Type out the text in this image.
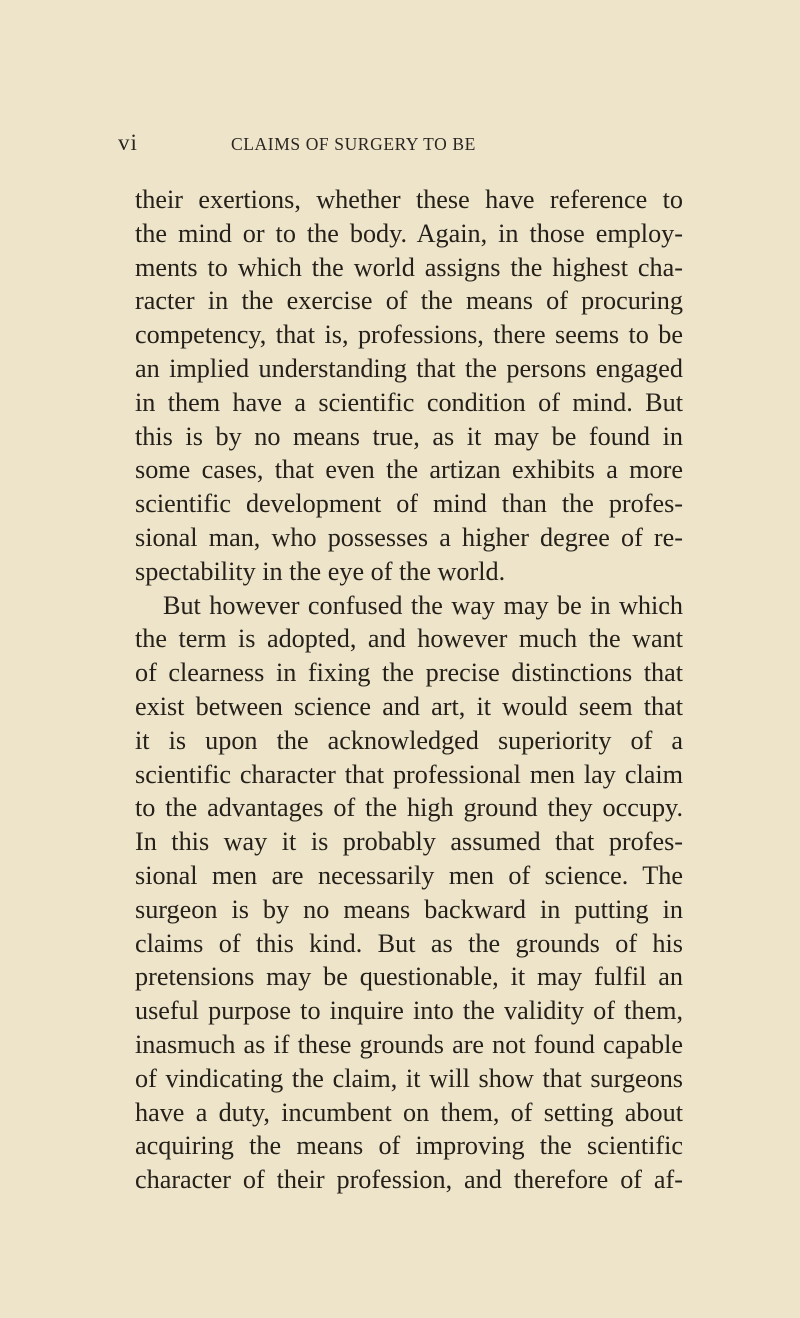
vi	CLAIMS OF SURGERY TO BE
their exertions, whether these have reference to
the mind or to the body. Again, in those employ-
ments to which the world assigns the highest cha-
racter in the exercise of the means of procuring
competency, that is, professions, there seems to be
an implied understanding that the persons engaged
in them have a scientific condition of mind. But
this is by no means true, as it may be found in
some cases, that even the artizan exhibits a more
scientific development of mind than the profes-
sional man, who possesses a higher degree of re-
spectability in the eye of the world.
But however confused the way may be in which
the term is adopted, and however much the want
of clearness in fixing the precise distinctions that
exist between science and art, it would seem that
it is upon the acknowledged superiority of a
scientific character that professional men lay claim
to the advantages of the high ground they occupy.
In this way it is probably assumed that profes-
sional men are necessarily men of science. The
surgeon is by no means backward in putting in
claims of this kind. But as the grounds of his
pretensions may be questionable, it may fulfil an
useful purpose to inquire into the validity of them,
inasmuch as if these grounds are not found capable
of vindicating the claim, it will show that surgeons
have a duty, incumbent on them, of setting about
acquiring the means of improving the scientific
character of their profession, and therefore of af-
